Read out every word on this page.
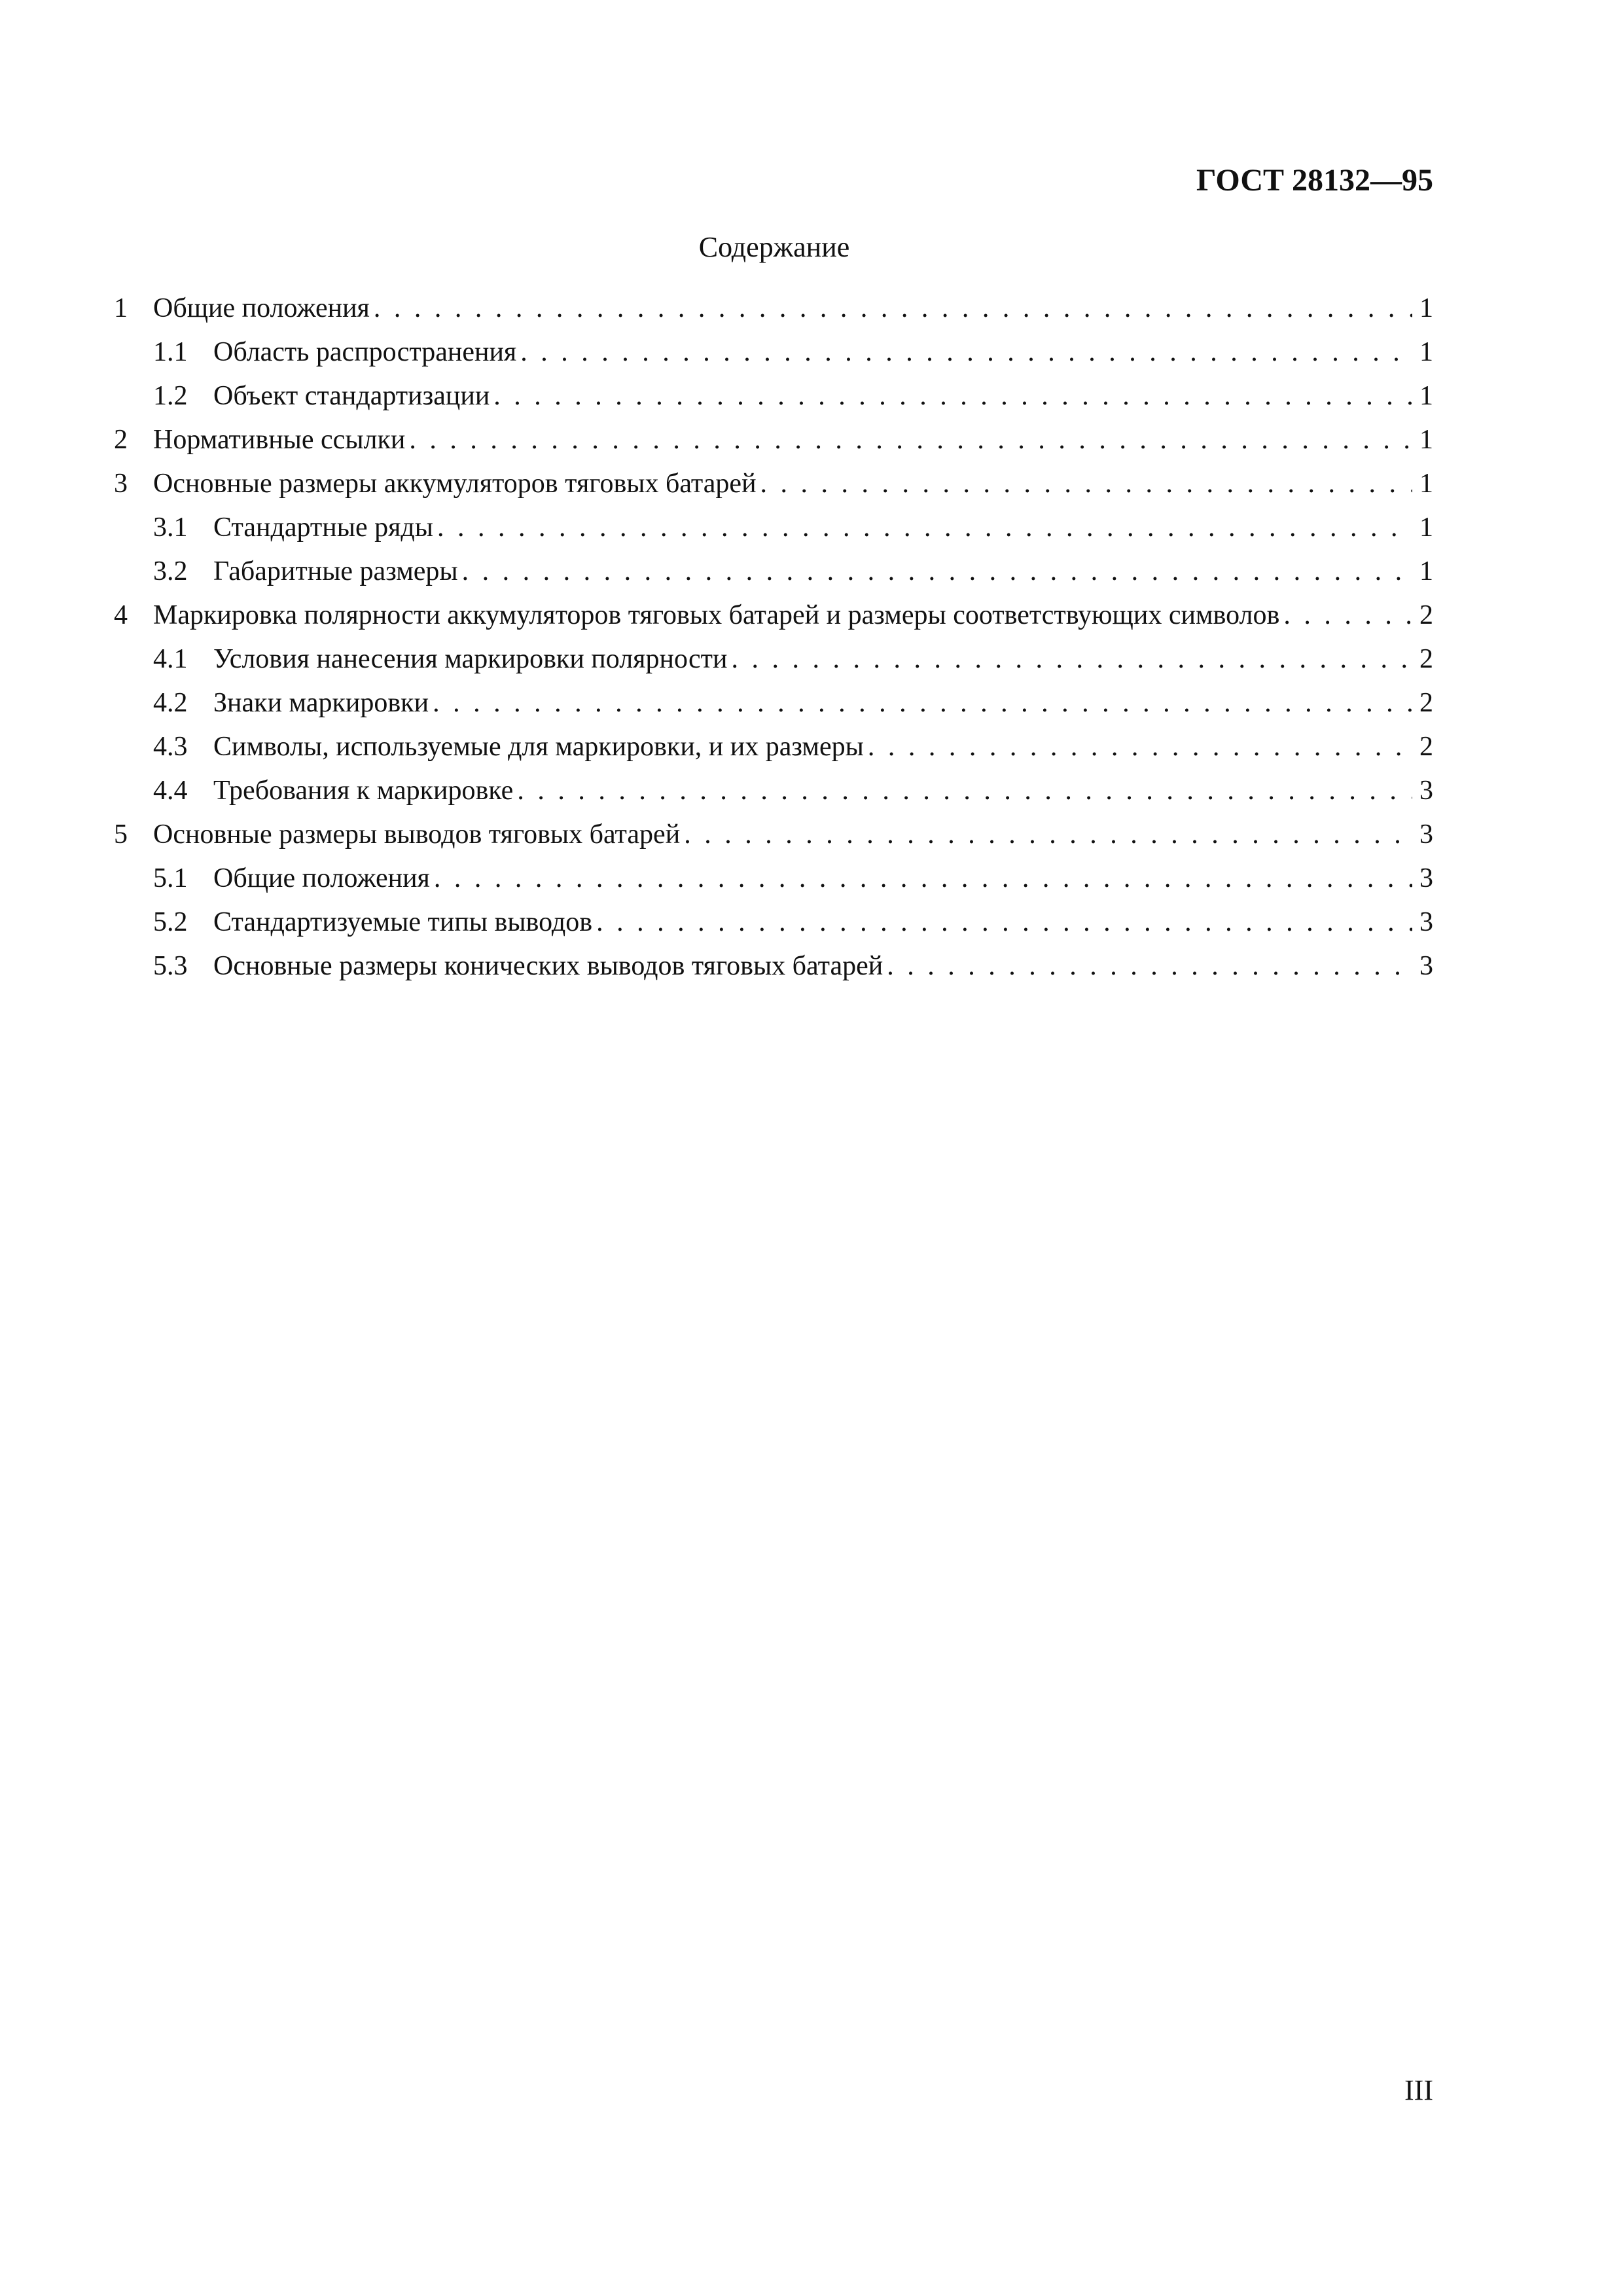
ГОСТ 28132—95
Содержание
1 Общие положения . . .	1
1.1 Область распространения . . .	1
1.2 Объект стандартизации . . .	1
2 Нормативные ссылки . . .	1
3 Основные размеры аккумуляторов тяговых батарей . . .	1
3.1 Стандартные ряды . . .	1
3.2 Габаритные размеры . . .	1
4 Маркировка полярности аккумуляторов тяговых батарей и размеры соответствующих символов . . .	2
4.1 Условия нанесения маркировки полярности . . .	2
4.2 Знаки маркировки . . .	2
4.3 Символы, используемые для маркировки, и их размеры . . .	2
4.4 Требования к маркировке . . .	3
5 Основные размеры выводов тяговых батарей . . .	3
5.1 Общие положения . . .	3
5.2 Стандартизуемые типы выводов . . .	3
5.3 Основные размеры конических выводов тяговых батарей . . .	3
III
